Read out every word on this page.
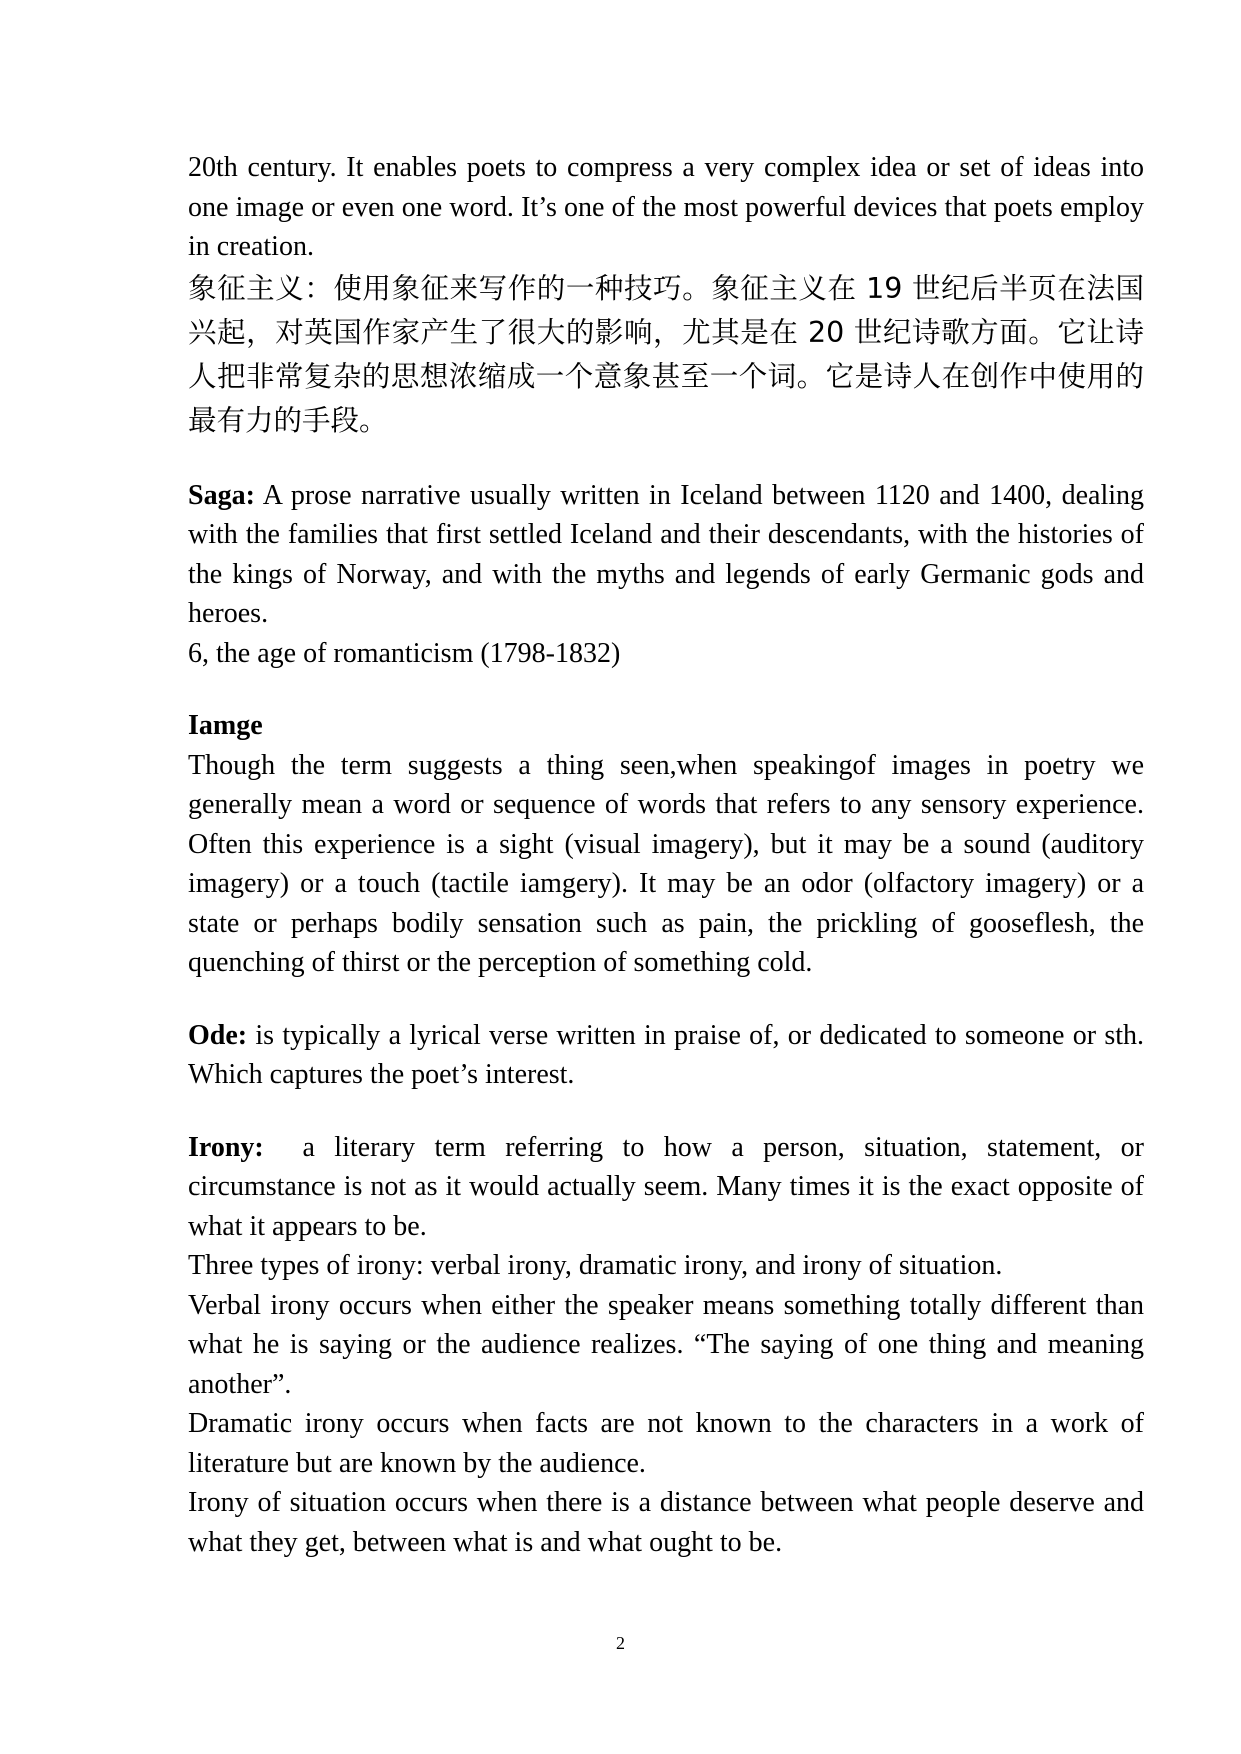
20th century. It enables poets to compress a very complex idea or set of ideas into one image or even one word. It’s one of the most powerful devices that poets employ in creation.

象征主义：使用象征来写作的一种技巧。象征主义在 19 世纪后半页在法国兴起，对英国作家产生了很大的影响，尤其是在 20 世纪诗歌方面。它让诗人把非常复杂的思想浓缩成一个意象甚至一个词。它是诗人在创作中使用的最有力的手段。

Saga: A prose narrative usually written in Iceland between 1120 and 1400, dealing with the families that first settled Iceland and their descendants, with the histories of the kings of Norway, and with the myths and legends of early Germanic gods and heroes.

6, the age of romanticism (1798-1832)

Iamge

Though the term suggests a thing seen,when speakingof images in poetry we generally mean a word or sequence of words that refers to any sensory experience. Often this experience is a sight (visual imagery), but it may be a sound (auditory imagery) or a touch (tactile iamgery). It may be an odor (olfactory imagery) or a state or perhaps bodily sensation such as pain, the prickling of gooseflesh, the quenching of thirst or the perception of something cold.

Ode: is typically a lyrical verse written in praise of, or dedicated to someone or sth. Which captures the poet’s interest.

Irony:  a literary term referring to how a person, situation, statement, or circumstance is not as it would actually seem. Many times it is the exact opposite of what it appears to be.

Three types of irony: verbal irony, dramatic irony, and irony of situation.

Verbal irony occurs when either the speaker means something totally different than what he is saying or the audience realizes. “The saying of one thing and meaning another”.

Dramatic irony occurs when facts are not known to the characters in a work of literature but are known by the audience.

Irony of situation occurs when there is a distance between what people deserve and what they get, between what is and what ought to be.

2
